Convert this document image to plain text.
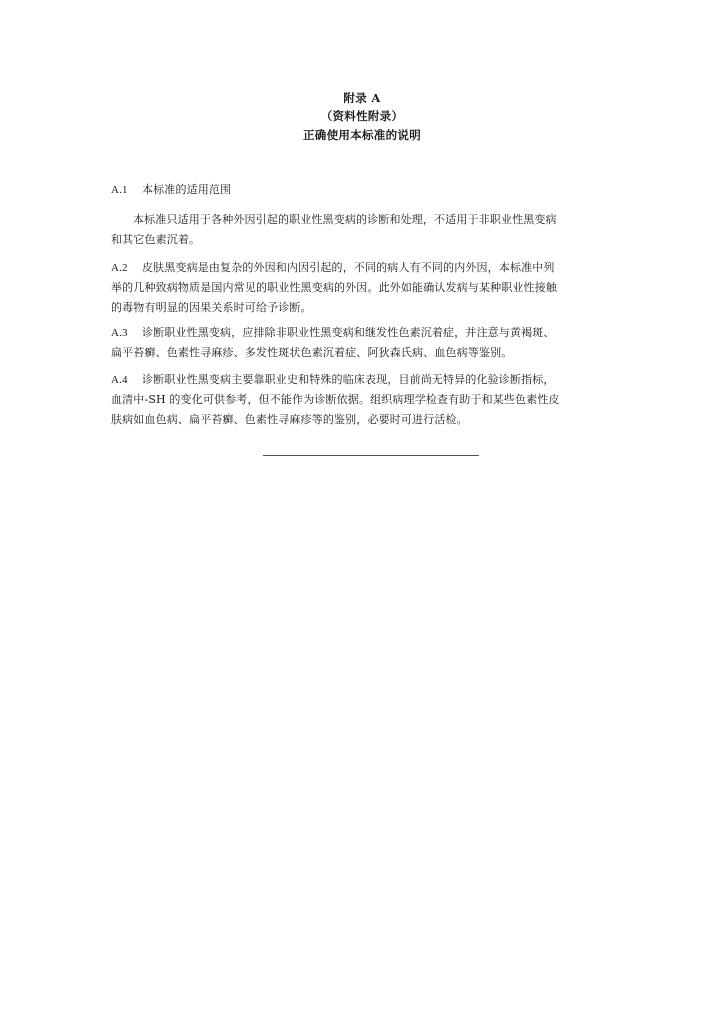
附录 A
（资料性附录）
正确使用本标准的说明
A.1 本标准的适用范围
本标准只适用于各种外因引起的职业性黑变病的诊断和处理，不适用于非职业性黑变病
和其它色素沉着。
A.2 皮肤黑变病是由复杂的外因和内因引起的，不同的病人有不同的内外因，本标准中列
举的几种致病物质是国内常见的职业性黑变病的外因。此外如能确认发病与某种职业性接触
的毒物有明显的因果关系时可给予诊断。
A.3 诊断职业性黑变病，应排除非职业性黑变病和继发性色素沉着症，并注意与黄褐斑、
扁平苔癣、色素性寻麻疹、多发性斑状色素沉着症、阿狄森氏病、血色病等鉴别。
A.4 诊断职业性黑变病主要靠职业史和特殊的临床表现，目前尚无特异的化验诊断指标，
血清中-SH 的变化可供参考，但不能作为诊断依据。组织病理学检查有助于和某些色素性皮
肤病如血色病、扁平苔癣、色素性寻麻疹等的鉴别，必要时可进行活检。
